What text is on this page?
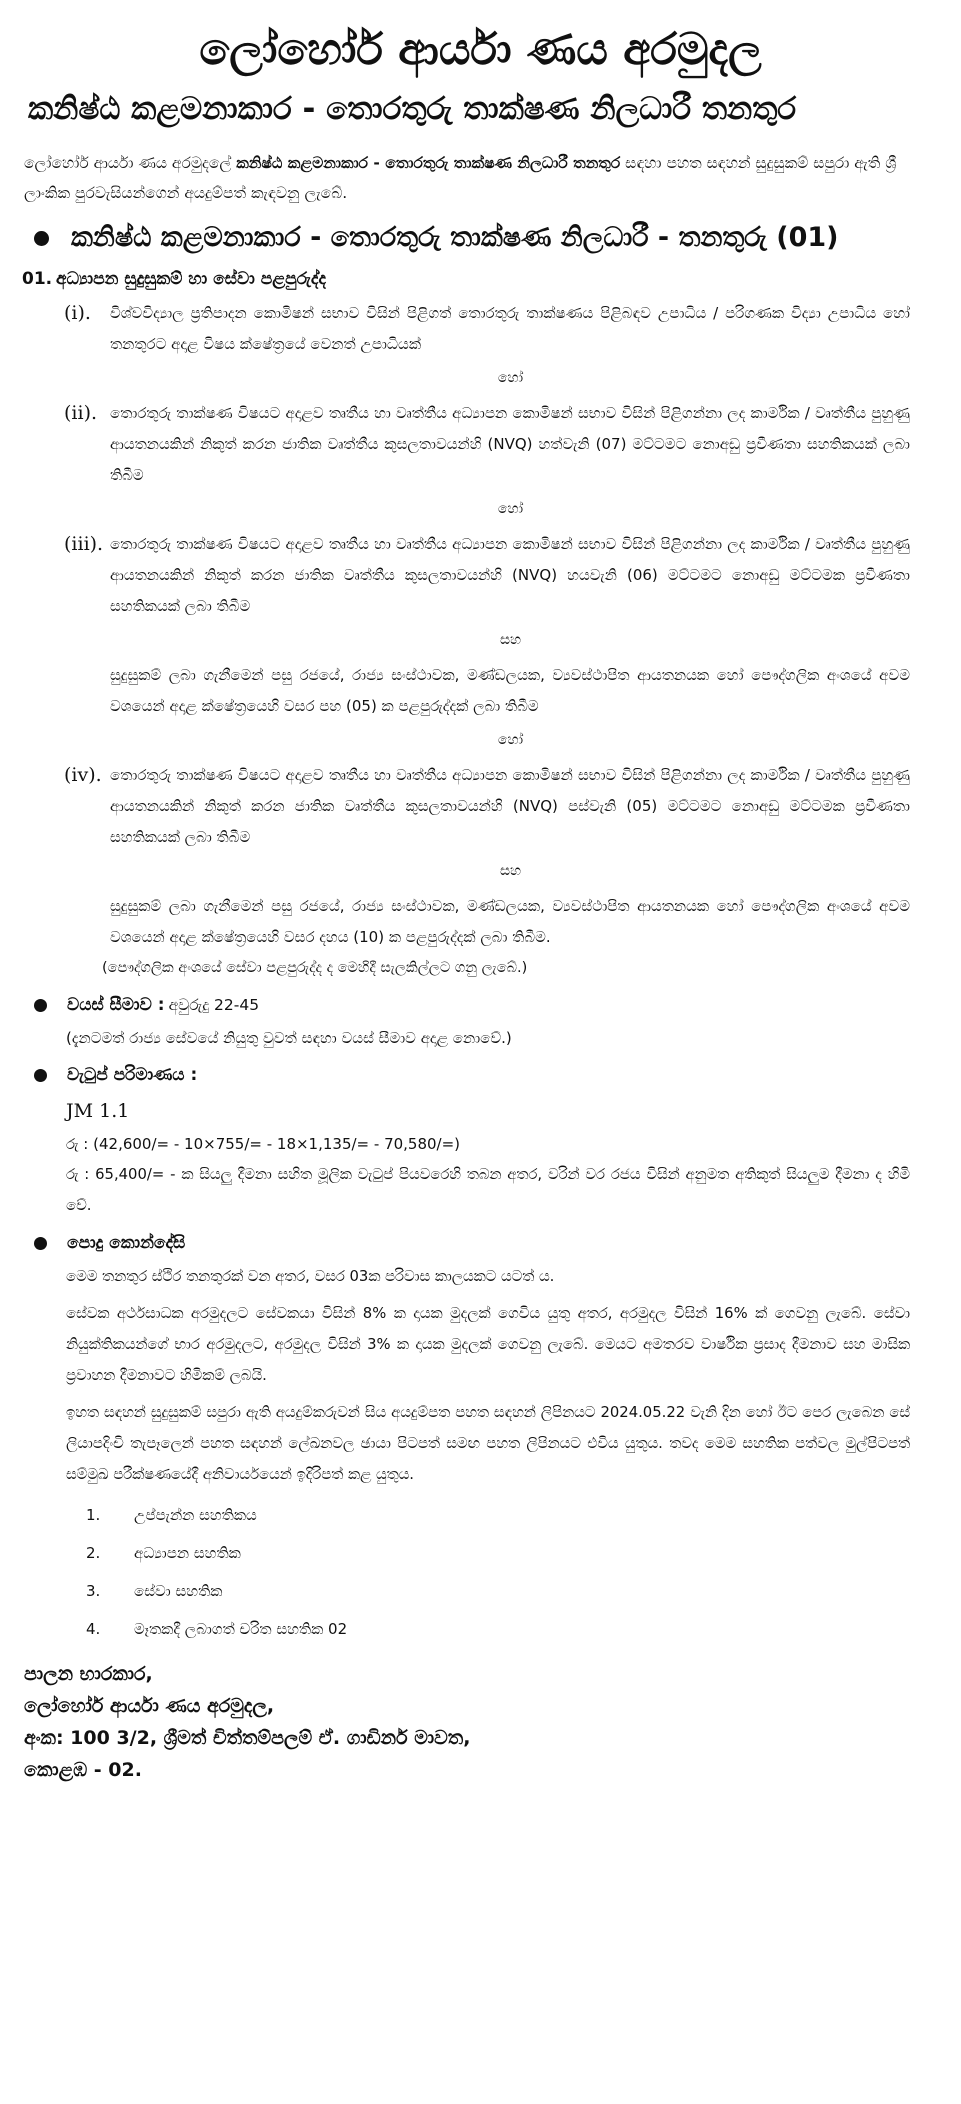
ලෝහෝර් ආර්යා ණය අරමුදල
කනිෂ්ඨ කළමනාකාර - තොරතුරු තාක්ෂණ නිලධාරී තනතුර
ලෝහෝර් ආර්යා ණය අරමුදලේ කනිෂ්ඨ කළමනාකාර - තොරතුරු තාක්ෂණ නිලධාරී තනතුර සඳහා පහත සඳහන් සුදුසුකම් සපුරා ඇති ශ්‍රී ලාංකික පුරවැසියන්ගෙන් අයදුම්පත් කැඳවනු ලැබේ.
කනිෂ්ඨ කළමනාකාර - තොරතුරු තාක්ෂණ නිලධාරී - තනතුරු (01)
01. අධ්‍යාපන සුදුසුකම් හා සේවා පළපුරුද්ද
(i).	විශ්වවිද්‍යාල ප්‍රතිපාදන කොමිෂන් සභාව විසින් පිළිගත් තොරතුරු තාක්ෂණය පිළිබඳව උපාධිය / පරිගණක විද්‍යා උපාධිය හෝ තනතුරට අදාළ විෂය ක්ෂේත්‍රයේ වෙනත් උපාධියක්
හෝ
(ii). තොරතුරු තාක්ෂණ විෂයට අදාළව තෘතීය හා වෘත්තීය අධ්‍යාපන කොමිෂන් සභාව විසින් පිළිගන්නා ලද කාර්මික / වෘත්තීය පුහුණු ආයතනයකින් නිකුත් කරන ජාතික වෘත්තීය කුසලතාවයන්හි (NVQ) හත්වැනි (07) මට්ටමට නොඅඩු ප්‍රවීණතා සහතිකයක් ලබා තිබීම
හෝ
(iii). තොරතුරු තාක්ෂණ විෂයට අදාළව තෘතීය හා වෘත්තීය අධ්‍යාපන කොමිෂන් සභාව විසින් පිළිගන්නා ලද කාර්මික / වෘත්තීය පුහුණු ආයතනයකින් නිකුත් කරන ජාතික වෘත්තීය කුසලතාවයන්හි (NVQ) හයවැනි (06) මට්ටමට නොඅඩු මට්ටමක ප්‍රවීණතා සහතිකයක් ලබා තිබීම
සහ
සුදුසුකම් ලබා ගැනීමෙන් පසු රජයේ, රාජ්‍ය සංස්ථාවක, මණ්ඩලයක, ව්‍යවස්ථාපිත ආයතනයක හෝ පෞද්ගලික අංශයේ අවම වශයෙන් අදාළ ක්ෂේත්‍රයෙහි වසර පහ (05) ක පළපුරුද්දක් ලබා තිබීම
හෝ
(iv). තොරතුරු තාක්ෂණ විෂයට අදාළව තෘතීය හා වෘත්තීය අධ්‍යාපන කොමිෂන් සභාව විසින් පිළිගන්නා ලද කාර්මික / වෘත්තීය පුහුණු ආයතනයකින් නිකුත් කරන ජාතික වෘත්තීය කුසලතාවයන්හි (NVQ) පස්වැනි (05) මට්ටමට නොඅඩු මට්ටමක ප්‍රවීණතා සහතිකයක් ලබා තිබීම
සහ
සුදුසුකම් ලබා ගැනීමෙන් පසු රජයේ, රාජ්‍ය සංස්ථාවක, මණ්ඩලයක, ව්‍යවස්ථාපිත ආයතනයක හෝ පෞද්ගලික අංශයේ අවම වශයෙන් අදාළ ක්ෂේත්‍රයෙහි වසර දහය (10) ක පළපුරුද්දක් ලබා තිබීම.
(පෞද්ගලික අංශයේ සේවා පළපුරුද්ද ද මෙහිදී සැලකිල්ලට ගනු ලැබේ.)
වයස් සීමාව : අවුරුදු 22-45
(දැනටමත් රාජ්‍ය සේවයේ නියුතු වුවත් සඳහා වයස් සීමාව අදාළ නොවේ.)
වැටුප් පරිමාණය :
JM 1.1
රු : (42,600/= - 10×755/= - 18×1,135/= - 70,580/=)
රු : 65,400/= - ක සියලු දීමනා සහිත මූලික වැටුප් පියවරෙහි තබන අතර, වරින් වර රජය විසින් අනුමත අතිකුත් සියලුම දීමනා ද හිමි වේ.
පොදු කොන්දේසි
මෙම තනතුර ස්ථිර තනතුරක් වන අතර, වසර 03ක පරිවාස කාලයකට යටත් ය.
සේවක අර්ථසාධක අරමුදලට සේවකයා විසින් 8% ක දායක මුදලක් ගෙවිය යුතු අතර, අරමුදල විසින් 16% ක් ගෙවනු ලැබේ. සේවා නියුක්තිකයන්ගේ භාර අරමුදලට, අරමුදල විසින් 3% ක දායක මුදලක් ගෙවනු ලැබේ. මෙයට අමතරව වාර්ෂික ප්‍රසාද දීමනාව සහ මාසික ප්‍රවාහන දීමනාවට හිමිකම් ලබයි.
ඉහත සඳහන් සුදුසුකම් සපුරා ඇති අයදුම්කරුවන් සිය අයදුම්පත පහත සඳහන් ලිපිනයට 2024.05.22 වැනි දින හෝ ඊට පෙර ලැබෙන සේ ලියාපදිංචි තැපෑලෙන් පහත සඳහන් ලේඛනවල ඡායා පිටපත් සමඟ පහත ලිපිනයට එවිය යුතුය. තවද මෙම සහතික පත්වල මුල්පිටපත් සම්මුඛ පරීක්ෂණයේදී අනිවාර්යයෙන් ඉදිරිපත් කළ යුතුය.
1.	උප්පැන්න සහතිකය
2.	අධ්‍යාපන සහතික
3.	සේවා සහතික
4.	මෑතකදී ලබාගත් චරිත සහතික 02
පාලන භාරකාර,
ලෝහෝර් ආර්යා ණය අරමුදල,
අංක: 100 3/2, ශ්‍රීමත් චිත්තම්පලම් ඒ. ගාඩිනර් මාවත,
කොළඹ - 02.
